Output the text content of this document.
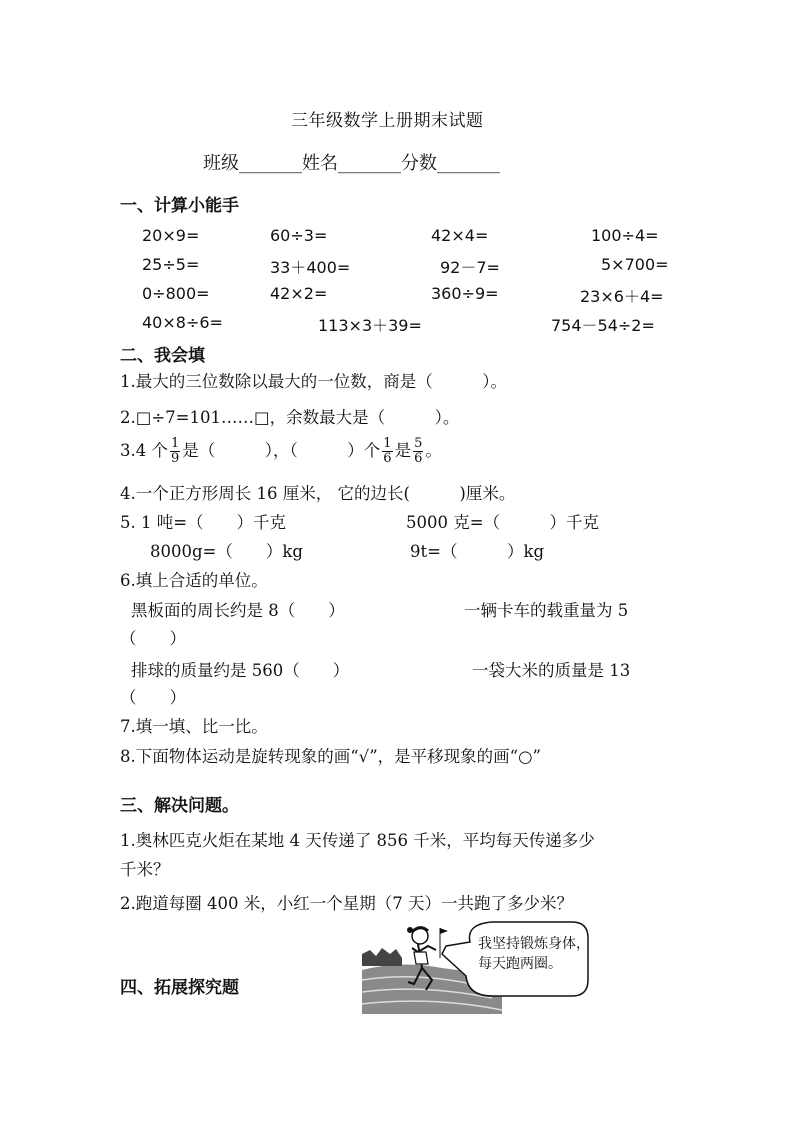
三年级数学上册期末试题
班级_______姓名_______分数_______
一、计算小能手
20×9=	60÷3=	42×4=	100÷4=
25÷5=	33＋400=	92－7=	5×700=
0÷800=	42×2=	360÷9=	23×6＋4=
40×8÷6=	113×3＋39=	754－54÷2=
二、我会填
1.最大的三位数除以最大的一位数，商是（　　　）。
2.□÷7=101……□，余数最大是（　　　）。
3.4 个 $\frac{1}{9}$ 是（　　　），（　　　）个 $\frac{1}{6}$ 是 $\frac{5}{6}$ 。
4.一个正方形周长 16 厘米， 它的边长(　　　)厘米。
5. 1 吨=（　　）千克	5000 克=（　　　）千克
8000g=（　　）kg	9t=（　　　）kg
6.填上合适的单位。
黑板面的周长约是 8（　　）	一辆卡车的载重量为 5
（　　）
排球的质量约是 560（　　）	一袋大米的质量是 13
（　　）
7.填一填、比一比。
8.下面物体运动是旋转现象的画“√”，是平移现象的画“○”
三、解决问题。
1.奥林匹克火炬在某地 4 天传递了 856 千米，平均每天传递多少
千米？
2.跑道每圈 400 米，小红一个星期（7 天）一共跑了多少米？
四、拓展探究题
我坚持锻炼身体，
每天跑两圈。
